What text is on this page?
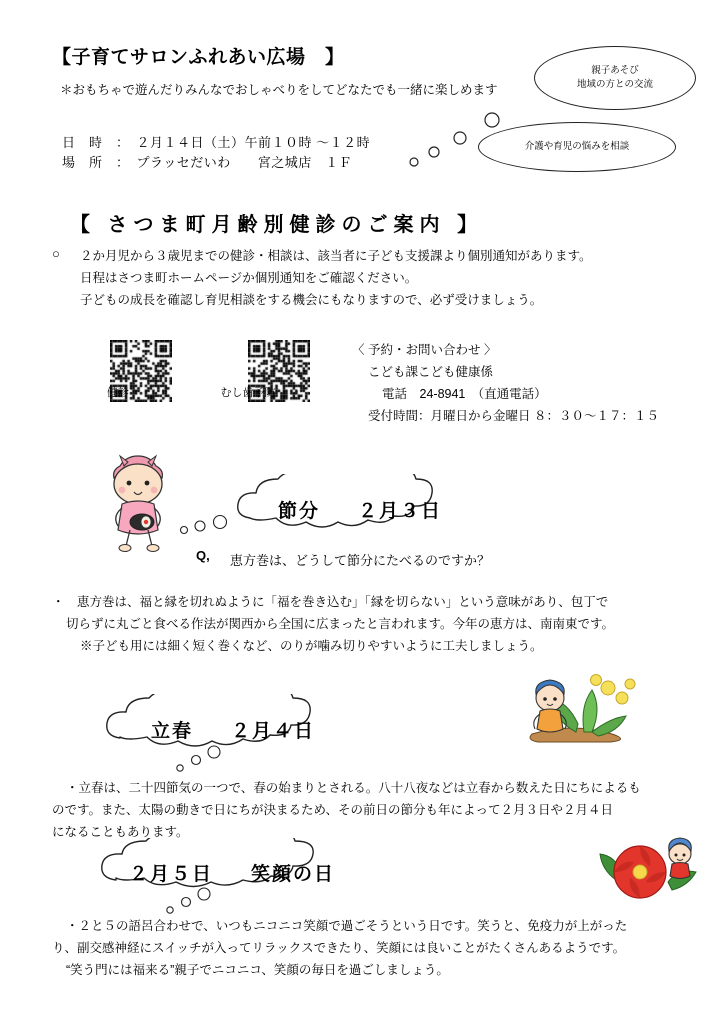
【子育てサロンふれあい広場　】
＊おもちゃで遊んだりみんなでおしゃべりをしてどなたでも一緒に楽しめます
日　時　：　２月１４日（土）午前１０時 ～１２時
場　所　：　プラッセだいわ　　宮之城店　１Ｆ
親子あそび
地域の方との交流
介護や育児の悩みを相談
【 さつま町月齢別健診のご案内 】
○ ２か月児から３歳児までの健診・相談は、該当者に子ども支援課より個別通知があります。
日程はさつま町ホームページか個別通知をご確認ください。
子どもの成長を確認し育児相談をする機会にもなりますので、必ず受けましょう。
健診	むし歯予防
〈 予約・お問い合わせ 〉
こども課こども健康係
電話　24-8941　（直通電話）
受付時間：月曜日から金曜日 ８：３０〜１７：１５
節分 ２月３日
Q, 恵方巻は、どうして節分にたべるのですか？
・　恵方巻は、福と縁を切れぬように「福を巻き込む」「縁を切らない」という意味があり、包丁で
切らずに丸ごと食べる作法が関西から全国に広まったと言われます。今年の恵方は、南南東です。
※子ども用には細く短く巻くなど、のりが噛み切りやすいように工夫しましょう。
立春 ２月４日
・立春は、二十四節気の一つで、春の始まりとされる。八十八夜などは立春から数えた日にちによるも
のです。また、太陽の動きで日にちが決まるため、その前日の節分も年によって２月３日や２月４日
になることもあります。
２月５日 笑顔の日
・２と５の語呂合わせで、いつもニコニコ笑顔で過ごそうという日です。笑うと、免疫力が上がった
り、副交感神経にスイッチが入ってリラックスできたり、笑顔には良いことがたくさんあるようです。
“笑う門には福来る”親子でニコニコ、笑顔の毎日を過ごしましょう。
